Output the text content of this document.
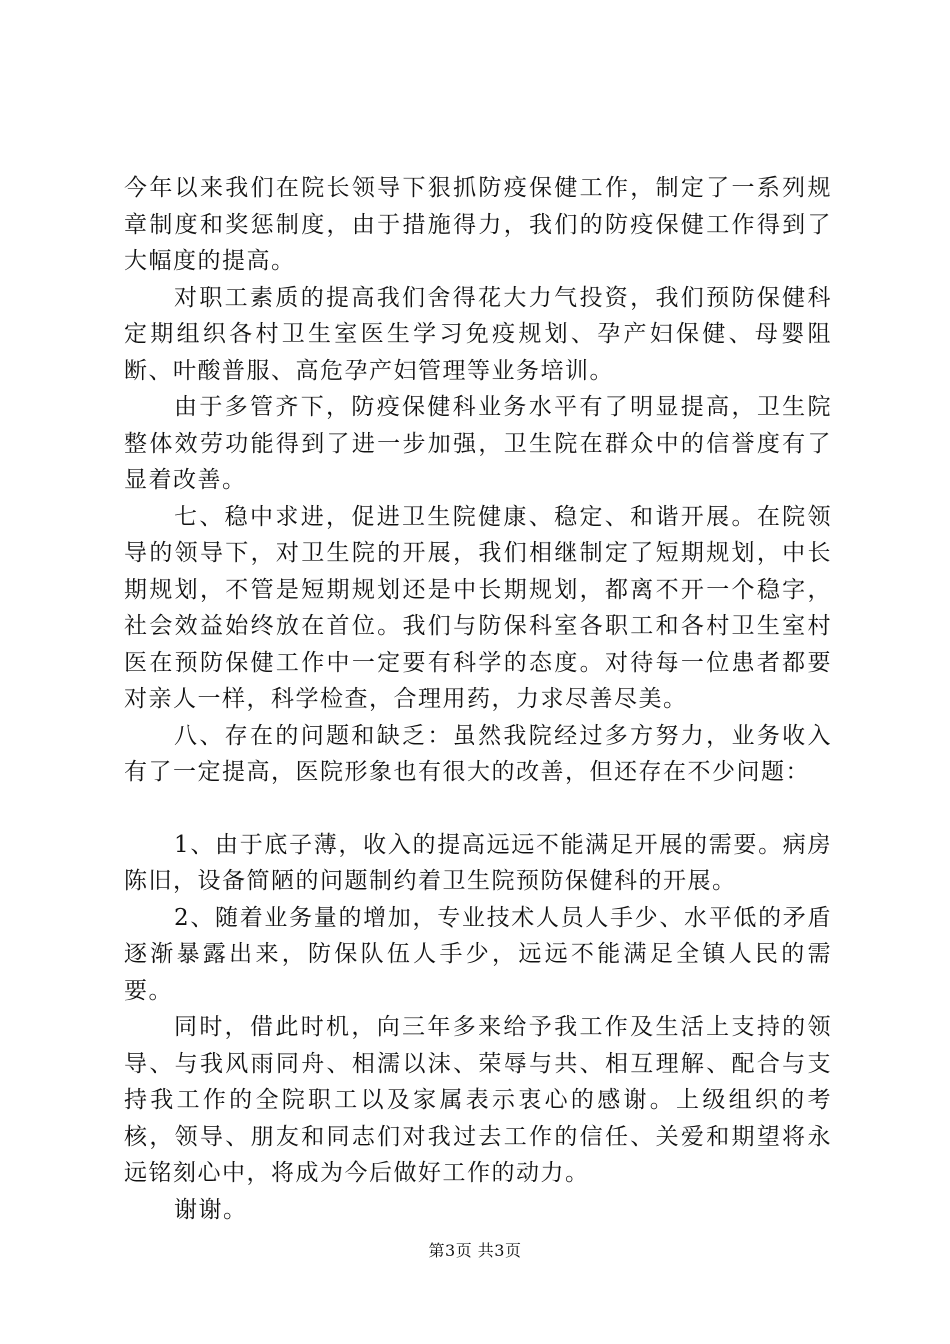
今年以来我们在院长领导下狠抓防疫保健工作，制定了一系列规章制度和奖惩制度，由于措施得力，我们的防疫保健工作得到了大幅度的提高。

对职工素质的提高我们舍得花大力气投资，我们预防保健科定期组织各村卫生室医生学习免疫规划、孕产妇保健、母婴阻断、叶酸普服、高危孕产妇管理等业务培训。

由于多管齐下，防疫保健科业务水平有了明显提高，卫生院整体效劳功能得到了进一步加强，卫生院在群众中的信誉度有了显着改善。

七、稳中求进，促进卫生院健康、稳定、和谐开展。在院领导的领导下，对卫生院的开展，我们相继制定了短期规划，中长期规划，不管是短期规划还是中长期规划，都离不开一个稳字，社会效益始终放在首位。我们与防保科室各职工和各村卫生室村医在预防保健工作中一定要有科学的态度。对待每一位患者都要对亲人一样，科学检查，合理用药，力求尽善尽美。

八、存在的问题和缺乏：虽然我院经过多方努力，业务收入有了一定提高，医院形象也有很大的改善，但还存在不少问题：

1、由于底子薄，收入的提高远远不能满足开展的需要。病房陈旧，设备简陋的问题制约着卫生院预防保健科的开展。

2、随着业务量的增加，专业技术人员人手少、水平低的矛盾逐渐暴露出来，防保队伍人手少，远远不能满足全镇人民的需要。

同时，借此时机，向三年多来给予我工作及生活上支持的领导、与我风雨同舟、相濡以沫、荣辱与共、相互理解、配合与支持我工作的全院职工以及家属表示衷心的感谢。上级组织的考核，领导、朋友和同志们对我过去工作的信任、关爱和期望将永远铭刻心中，将成为今后做好工作的动力。

谢谢。

第3页 共3页
